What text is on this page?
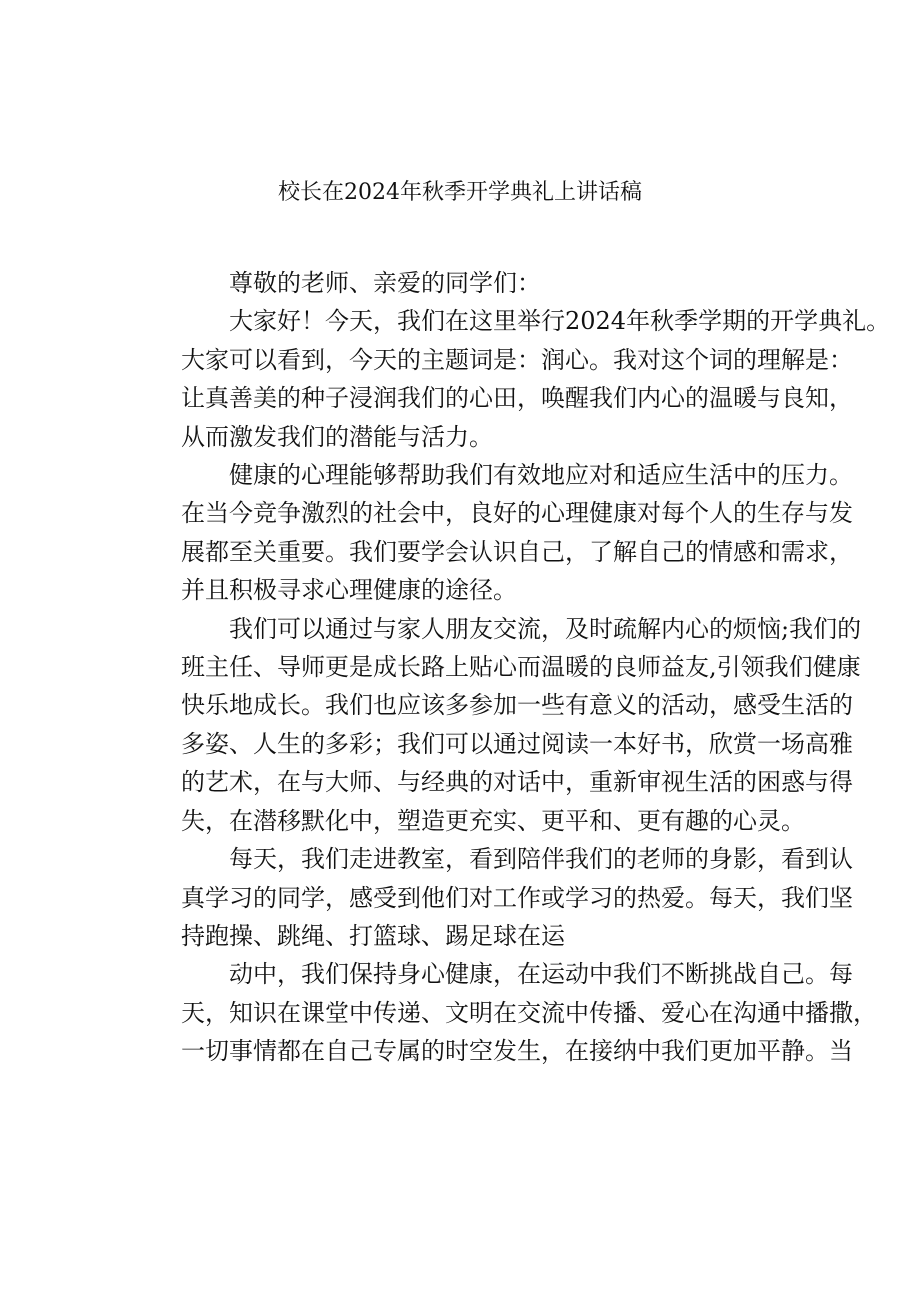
校长在2024年秋季开学典礼上讲话稿

尊敬的老师、亲爱的同学们：

大家好！今天，我们在这里举行2024年秋季学期的开学典礼。
大家可以看到，今天的主题词是：润心。我对这个词的理解是：
让真善美的种子浸润我们的心田，唤醒我们内心的温暖与良知，
从而激发我们的潜能与活力。

健康的心理能够帮助我们有效地应对和适应生活中的压力。
在当今竞争激烈的社会中，良好的心理健康对每个人的生存与发
展都至关重要。我们要学会认识自己，了解自己的情感和需求，
并且积极寻求心理健康的途径。

我们可以通过与家人朋友交流，及时疏解内心的烦恼;我们的
班主任、导师更是成长路上贴心而温暖的良师益友,引领我们健康
快乐地成长。我们也应该多参加一些有意义的活动，感受生活的
多姿、人生的多彩；我们可以通过阅读一本好书，欣赏一场高雅
的艺术，在与大师、与经典的对话中，重新审视生活的困惑与得
失，在潜移默化中，塑造更充实、更平和、更有趣的心灵。

每天，我们走进教室，看到陪伴我们的老师的身影，看到认
真学习的同学，感受到他们对工作或学习的热爱。每天，我们坚
持跑操、跳绳、打篮球、踢足球在运

动中，我们保持身心健康，在运动中我们不断挑战自己。每
天，知识在课堂中传递、文明在交流中传播、爱心在沟通中播撒，
一切事情都在自己专属的时空发生，在接纳中我们更加平静。当
